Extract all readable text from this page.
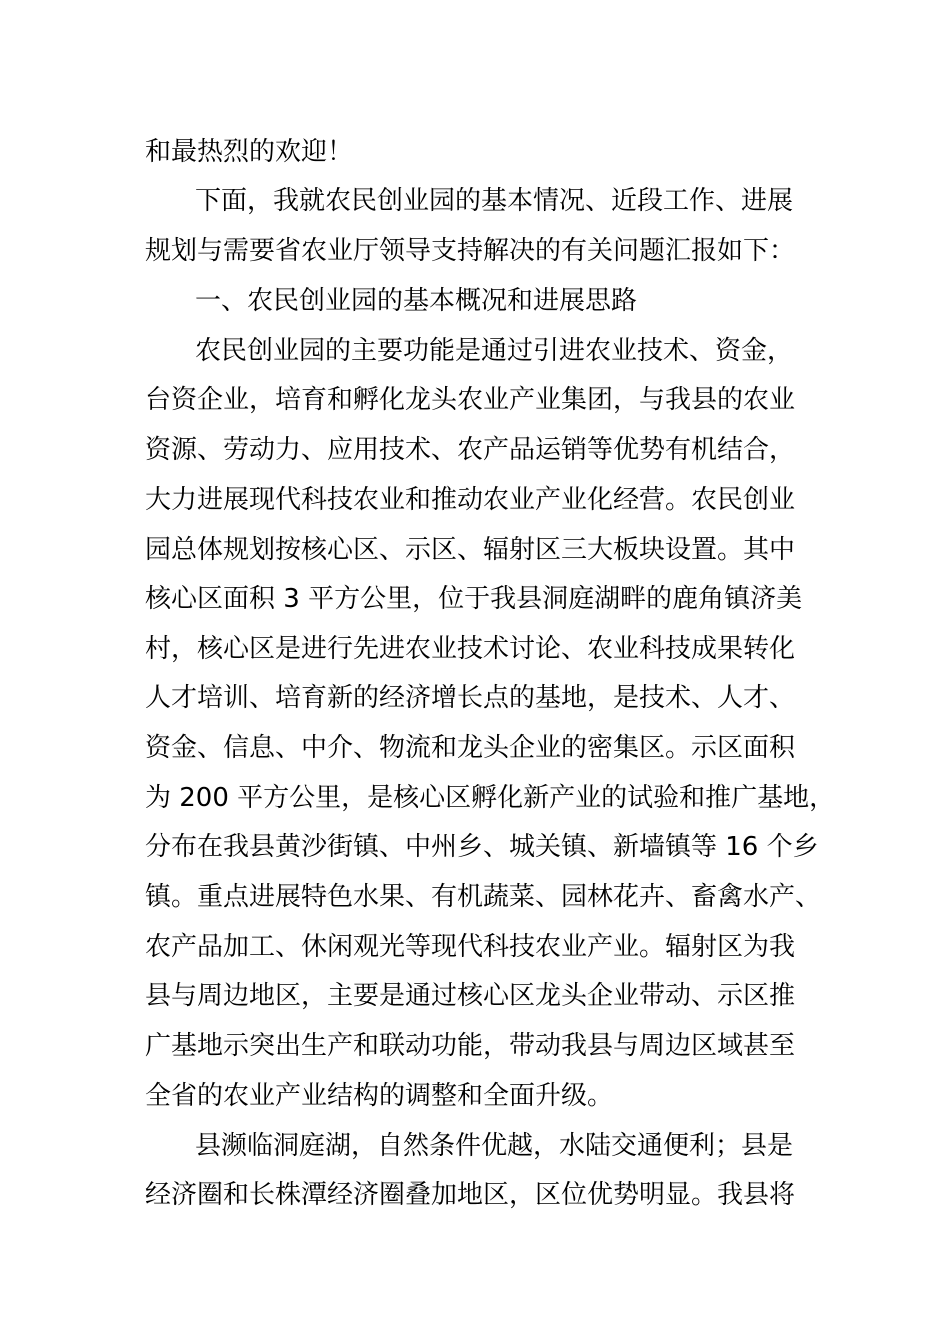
和最热烈的欢迎！
下面，我就农民创业园的基本情况、近段工作、进展
规划与需要省农业厅领导支持解决的有关问题汇报如下：
一、农民创业园的基本概况和进展思路
农民创业园的主要功能是通过引进农业技术、资金，
台资企业，培育和孵化龙头农业产业集团，与我县的农业
资源、劳动力、应用技术、农产品运销等优势有机结合，
大力进展现代科技农业和推动农业产业化经营。农民创业
园总体规划按核心区、示区、辐射区三大板块设置。其中
核心区面积 3 平方公里，位于我县洞庭湖畔的鹿角镇济美
村，核心区是进行先进农业技术讨论、农业科技成果转化
人才培训、培育新的经济增长点的基地，是技术、人才、
资金、信息、中介、物流和龙头企业的密集区。示区面积
为 200 平方公里，是核心区孵化新产业的试验和推广基地，
分布在我县黄沙街镇、中州乡、城关镇、新墙镇等 16 个乡
镇。重点进展特色水果、有机蔬菜、园林花卉、畜禽水产、
农产品加工、休闲观光等现代科技农业产业。辐射区为我
县与周边地区，主要是通过核心区龙头企业带动、示区推
广基地示突出生产和联动功能，带动我县与周边区域甚至
全省的农业产业结构的调整和全面升级。
县濒临洞庭湖，自然条件优越，水陆交通便利；县是
经济圈和长株潭经济圈叠加地区，区位优势明显。我县将
